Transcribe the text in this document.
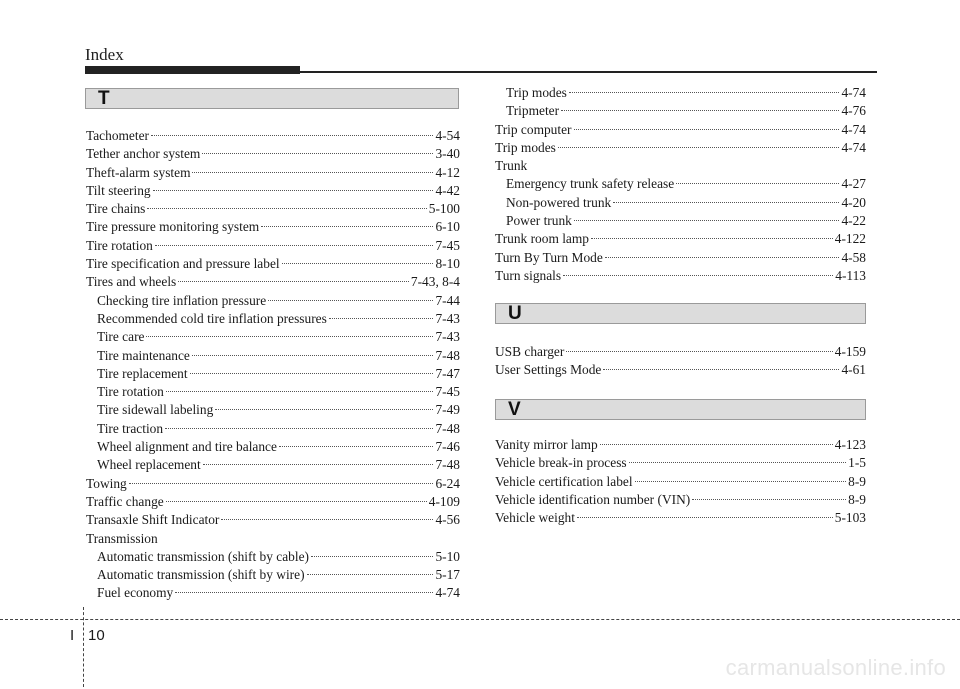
Index
T
Tachometer	4-54
Tether anchor system	3-40
Theft-alarm system	4-12
Tilt steering	4-42
Tire chains	5-100
Tire pressure monitoring system	6-10
Tire rotation	7-45
Tire specification and pressure label	8-10
Tires and wheels	7-43, 8-4
Checking tire inflation pressure	7-44
Recommended cold tire inflation pressures	7-43
Tire care	7-43
Tire maintenance	7-48
Tire replacement	7-47
Tire rotation	7-45
Tire sidewall labeling	7-49
Tire traction	7-48
Wheel alignment and tire balance	7-46
Wheel replacement	7-48
Towing	6-24
Traffic change	4-109
Transaxle Shift Indicator	4-56
Transmission
Automatic transmission (shift by cable)	5-10
Automatic transmission (shift by wire)	5-17
Fuel economy	4-74
Trip modes	4-74
Tripmeter	4-76
Trip computer	4-74
Trip modes	4-74
Trunk
Emergency trunk safety release	4-27
Non-powered trunk	4-20
Power trunk	4-22
Trunk room lamp	4-122
Turn By Turn Mode	4-58
Turn signals	4-113
U
USB charger	4-159
User Settings Mode	4-61
V
Vanity mirror lamp	4-123
Vehicle break-in process	1-5
Vehicle certification label	8-9
Vehicle identification number (VIN)	8-9
Vehicle weight	5-103
I 10
carmanualsonline.info
